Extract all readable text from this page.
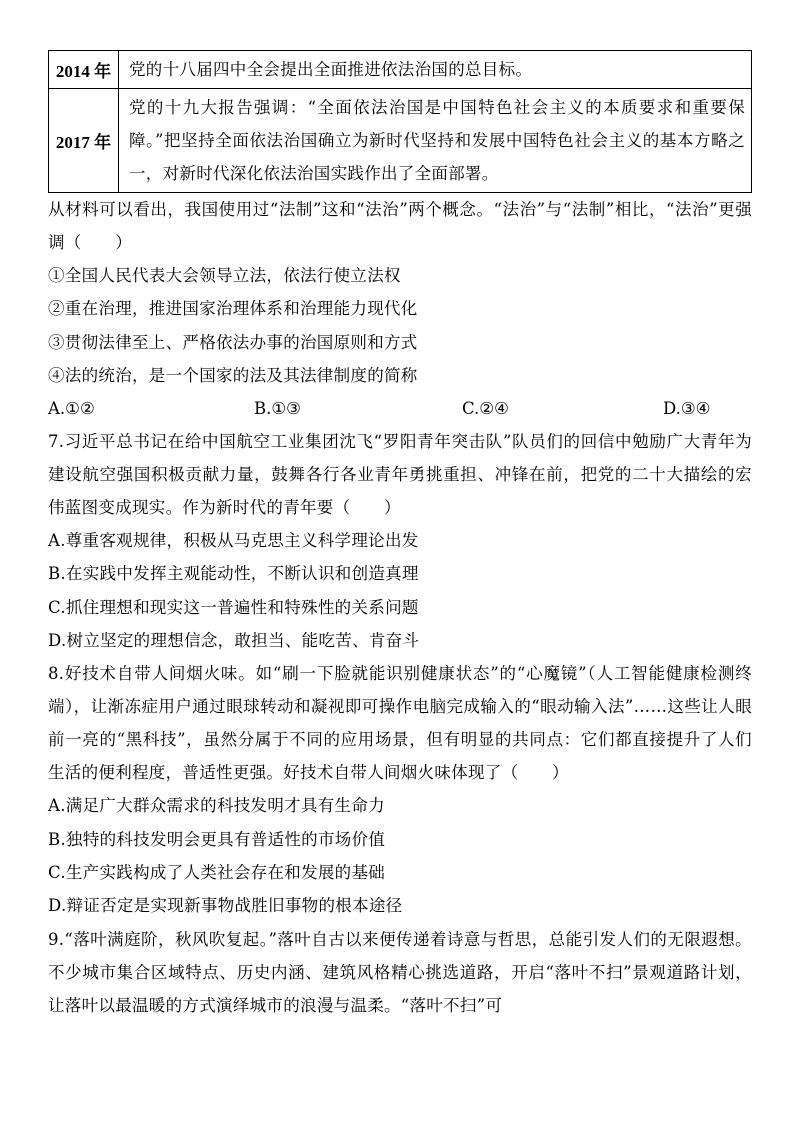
2014 年	党的十八届四中全会提出全面推进依法治国的总目标。
2017 年	党的十九大报告强调：“全面依法治国是中国特色社会主义的本质要求和重要保障。”把坚持全面依法治国确立为新时代坚持和发展中国特色社会主义的基本方略之一，对新时代深化依法治国实践作出了全面部署。

从材料可以看出，我国使用过“法制”这和“法治”两个概念。“法治”与“法制”相比，“法治”更强调（　　）

①全国人民代表大会领导立法，依法行使立法权

②重在治理，推进国家治理体系和治理能力现代化

③贯彻法律至上、严格依法办事的治国原则和方式

④法的统治，是一个国家的法及其法律制度的简称

A.①②	B.①③	C.②④	D.③④

7.习近平总书记在给中国航空工业集团沈飞“罗阳青年突击队”队员们的回信中勉励广大青年为建设航空强国积极贡献力量，鼓舞各行各业青年勇挑重担、冲锋在前，把党的二十大描绘的宏伟蓝图变成现实。作为新时代的青年要（　　）

A.尊重客观规律，积极从马克思主义科学理论出发

B.在实践中发挥主观能动性，不断认识和创造真理

C.抓住理想和现实这一普遍性和特殊性的关系问题

D.树立坚定的理想信念，敢担当、能吃苦、肯奋斗

8.好技术自带人间烟火味。如“刷一下脸就能识别健康状态”的“心魔镜”（人工智能健康检测终端），让渐冻症用户通过眼球转动和凝视即可操作电脑完成输入的“眼动输入法”……这些让人眼前一亮的“黑科技”，虽然分属于不同的应用场景，但有明显的共同点：它们都直接提升了人们生活的便利程度，普适性更强。好技术自带人间烟火味体现了（　　）

A.满足广大群众需求的科技发明才具有生命力

B.独特的科技发明会更具有普适性的市场价值

C.生产实践构成了人类社会存在和发展的基础

D.辩证否定是实现新事物战胜旧事物的根本途径

9.“落叶满庭阶，秋风吹复起。”落叶自古以来便传递着诗意与哲思，总能引发人们的无限遐想。不少城市集合区域特点、历史内涵、建筑风格精心挑选道路，开启“落叶不扫”景观道路计划，让落叶以最温暖的方式演绎城市的浪漫与温柔。“落叶不扫”可
